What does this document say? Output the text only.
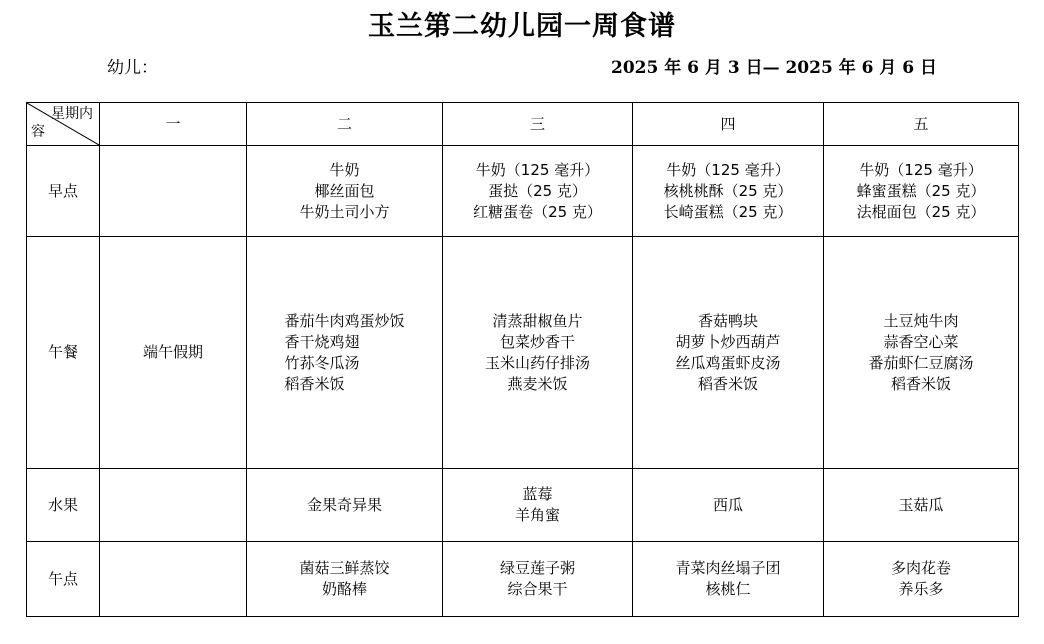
玉兰第二幼儿园一周食谱
幼儿：	2025 年 6 月 3 日— 2025 年 6 月 6 日
星期内
容	一	二	三	四	五
早点		牛奶
椰丝面包
牛奶土司小方	牛奶（125 毫升）
蛋挞（25 克）
红糖蛋卷（25 克）	牛奶（125 毫升）
核桃桃酥（25 克）
长崎蛋糕（25 克）	牛奶（125 毫升）
蜂蜜蛋糕（25 克）
法棍面包（25 克）

午餐	端午假期	番茄牛肉鸡蛋炒饭
香干烧鸡翅
竹荪冬瓜汤
稻香米饭	清蒸甜椒鱼片
包菜炒香干
玉米山药仔排汤
燕麦米饭	香菇鸭块
胡萝卜炒西葫芦
丝瓜鸡蛋虾皮汤
稻香米饭	土豆炖牛肉
蒜香空心菜
番茄虾仁豆腐汤
稻香米饭

水果		金果奇异果	蓝莓
羊角蜜	西瓜	玉菇瓜

午点		菌菇三鲜蒸饺
奶酪棒	绿豆莲子粥
综合果干	青菜肉丝塌子团
核桃仁	多肉花卷
养乐多
